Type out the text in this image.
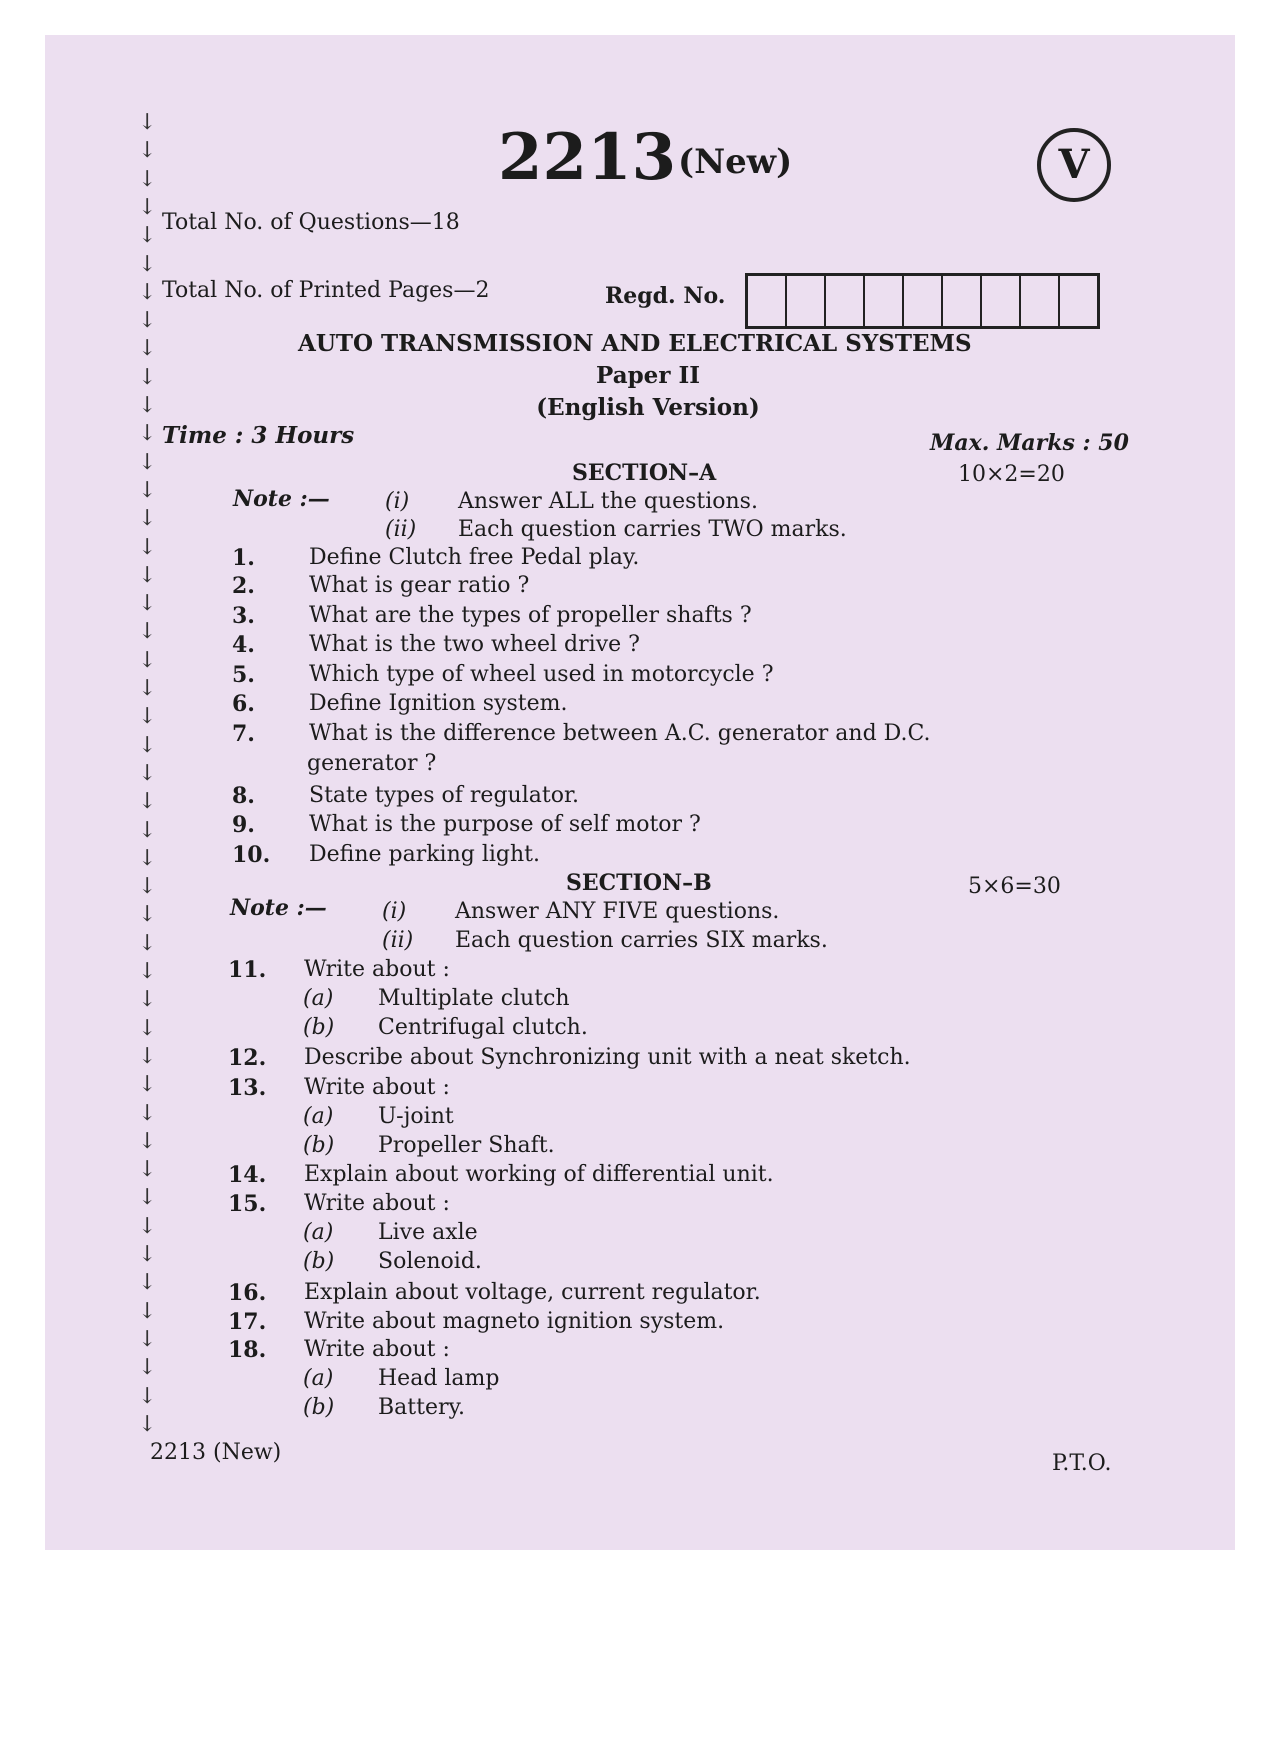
↓
↓
↓
↓
↓
↓
↓
↓
↓
↓
↓
↓
↓
↓
↓
↓
↓
↓
↓
↓
↓
↓
↓
↓
↓
↓
↓
↓
↓
↓
↓
↓
↓
↓
↓
↓
↓
↓
↓
↓
↓
↓
↓
↓
↓
↓
↓
2213 (New)	V
Total No. of Questions—18
Total No. of Printed Pages—2	Regd. No.
AUTO TRANSMISSION AND ELECTRICAL SYSTEMS
Paper II
(English Version)
Time : 3 Hours	Max. Marks : 50
SECTION–A	10×2=20
Note :—	(i) Answer ALL the questions.
(ii) Each question carries TWO marks.
1. Define Clutch free Pedal play.
2. What is gear ratio ?
3. What are the types of propeller shafts ?
4. What is the two wheel drive ?
5. Which type of wheel used in motorcycle ?
6. Define Ignition system.
7. What is the difference between A.C. generator and D.C.
generator ?
8. State types of regulator.
9. What is the purpose of self motor ?
10. Define parking light.
SECTION–B	5×6=30
Note :—	(i) Answer ANY FIVE questions.
(ii) Each question carries SIX marks.
11. Write about :
(a) Multiplate clutch
(b) Centrifugal clutch.
12. Describe about Synchronizing unit with a neat sketch.
13. Write about :
(a) U-joint
(b) Propeller Shaft.
14. Explain about working of differential unit.
15. Write about :
(a) Live axle
(b) Solenoid.
16. Explain about voltage, current regulator.
17. Write about magneto ignition system.
18. Write about :
(a) Head lamp
(b) Battery.
2213 (New)	P.T.O.
